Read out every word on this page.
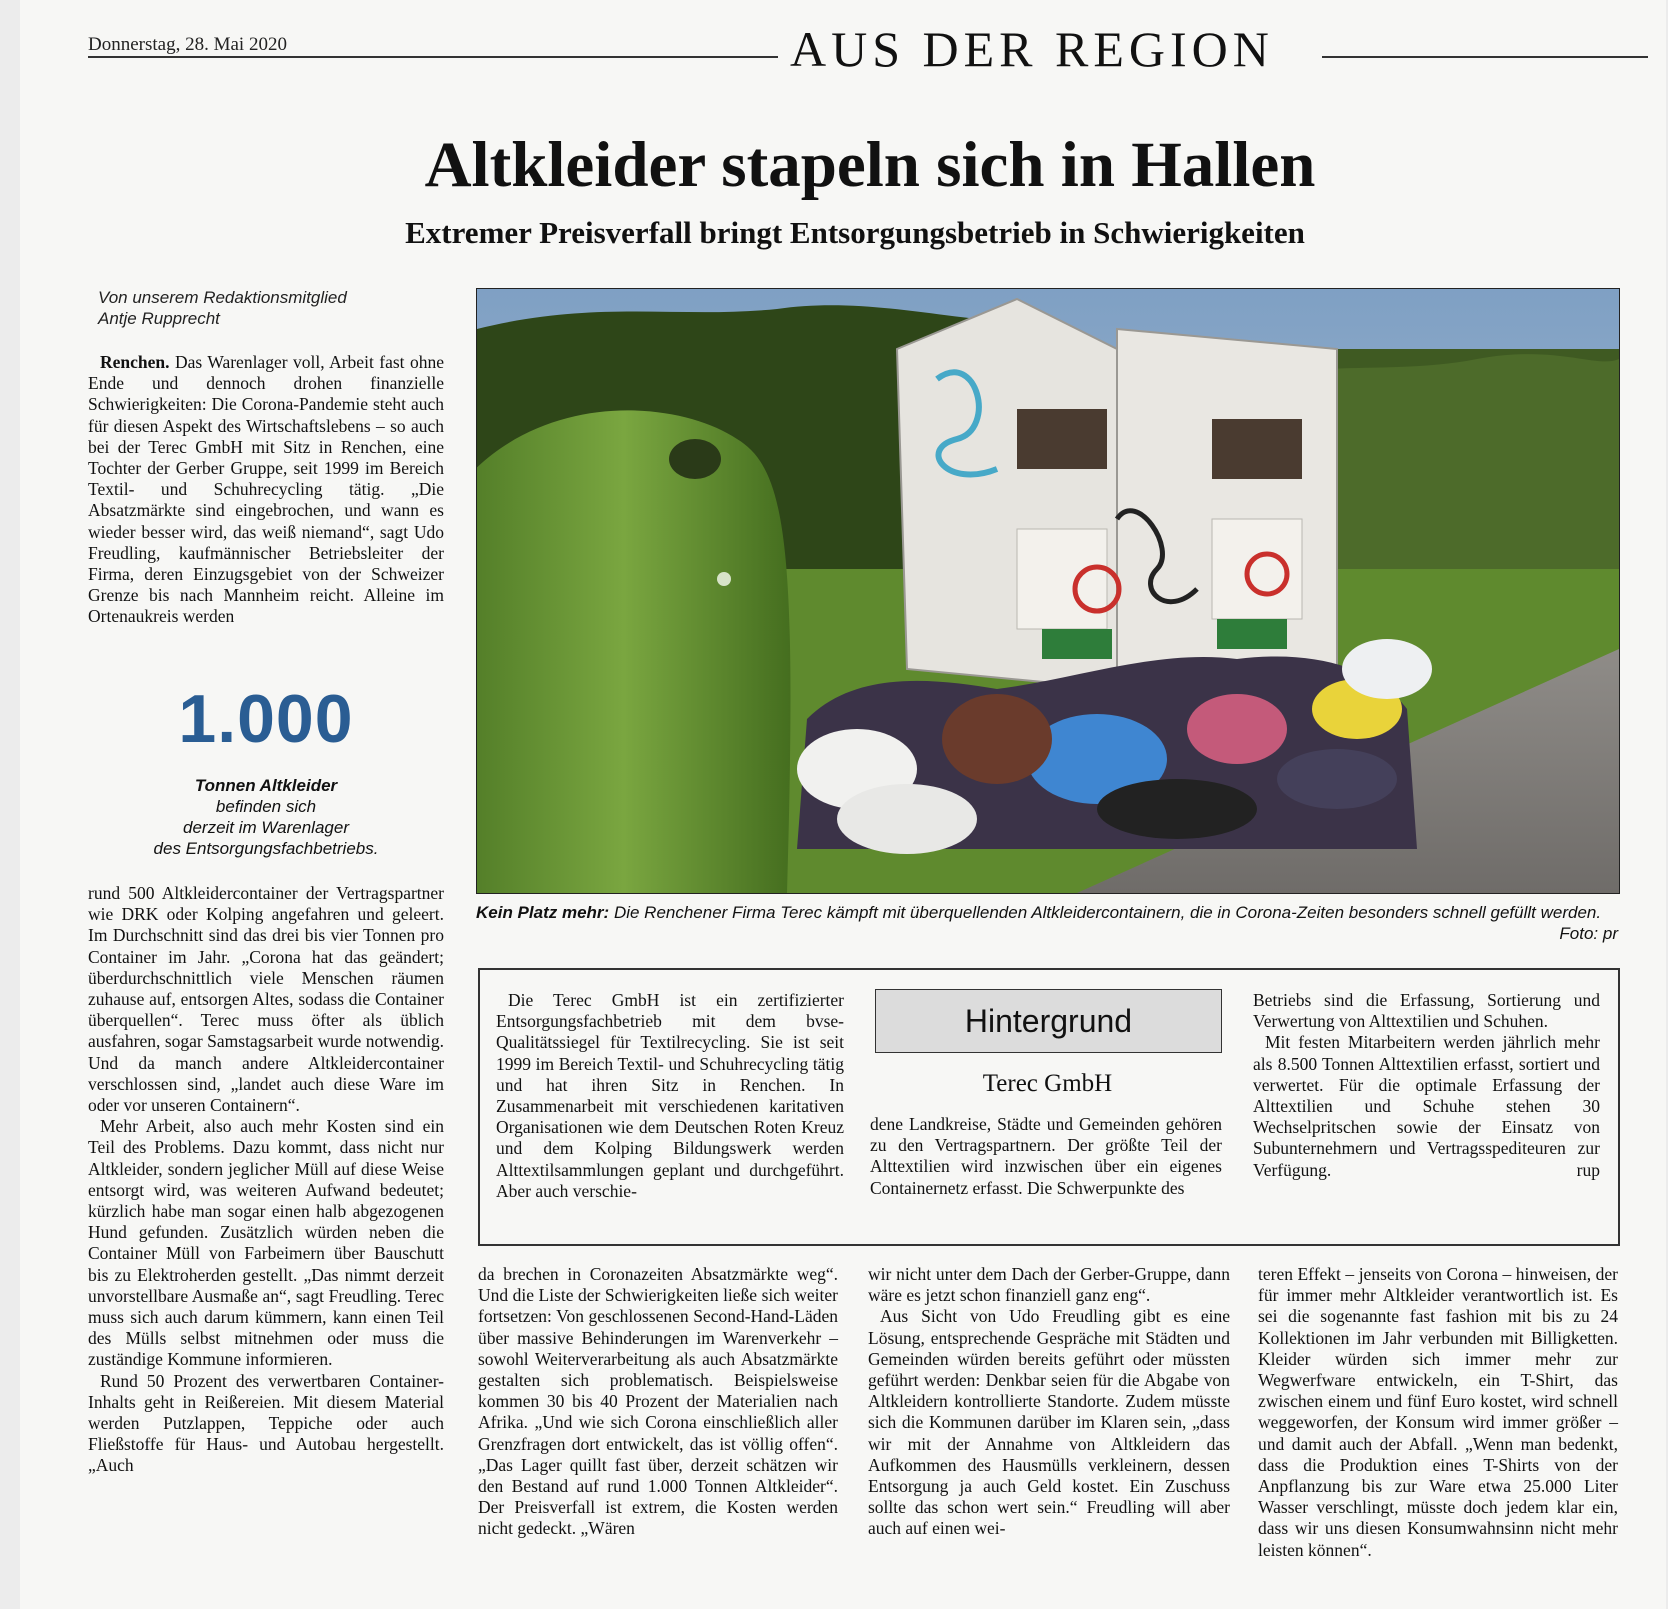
Donnerstag, 28. Mai 2020	AUS DER REGION
Altkleider stapeln sich in Hallen
Extremer Preisverfall bringt Entsorgungsbetrieb in Schwierigkeiten
Von unserem Redaktionsmitglied
Antje Rupprecht

Renchen. Das Warenlager voll, Arbeit fast ohne Ende und dennoch drohen finanzielle Schwierigkeiten: Die Corona-Pandemie steht auch für diesen Aspekt des Wirtschaftslebens – so auch bei der Terec GmbH mit Sitz in Renchen, eine Tochter der Gerber Gruppe, seit 1999 im Bereich Textil- und Schuhrecycling tätig. „Die Absatzmärkte sind eingebrochen, und wann es wieder besser wird, das weiß niemand“, sagt Udo Freudling, kaufmännischer Betriebsleiter der Firma, deren Einzugsgebiet von der Schweizer Grenze bis nach Mannheim reicht. Alleine im Ortenaukreis werden

1.000
Tonnen Altkleider
befinden sich
derzeit im Warenlager
des Entsorgungsfachbetriebs.

rund 500 Altkleidercontainer der Vertragspartner wie DRK oder Kolping angefahren und geleert. Im Durchschnitt sind das drei bis vier Tonnen pro Container im Jahr. „Corona hat das geändert; überdurchschnittlich viele Menschen räumen zuhause auf, entsorgen Altes, sodass die Container überquellen“. Terec muss öfter als üblich ausfahren, sogar Samstagsarbeit wurde notwendig. Und da manch andere Altkleidercontainer verschlossen sind, „landet auch diese Ware im oder vor unseren Containern“.

Mehr Arbeit, also auch mehr Kosten sind ein Teil des Problems. Dazu kommt, dass nicht nur Altkleider, sondern jeglicher Müll auf diese Weise entsorgt wird, was weiteren Aufwand bedeutet; kürzlich habe man sogar einen halb abgezogenen Hund gefunden. Zusätzlich würden neben die Container Müll von Farbeimern über Bauschutt bis zu Elektroherden gestellt. „Das nimmt derzeit unvorstellbare Ausmaße an“, sagt Freudling. Terec muss sich auch darum kümmern, kann einen Teil des Mülls selbst mitnehmen oder muss die zuständige Kommune informieren.

Rund 50 Prozent des verwertbaren Container-Inhalts geht in Reißereien. Mit diesem Material werden Putzlappen, Teppiche oder auch Fließstoffe für Haus- und Autobau hergestellt. „Auch

Kein Platz mehr: Die Renchener Firma Terec kämpft mit überquellenden Altkleidercontainern, die in Corona-Zeiten besonders schnell gefüllt werden.
Foto: pr

Die Terec GmbH ist ein zertifizierter Entsorgungsfachbetrieb mit dem bvse-Qualitätssiegel für Textilrecycling. Sie ist seit 1999 im Bereich Textil- und Schuhrecycling tätig und hat ihren Sitz in Renchen. In Zusammenarbeit mit verschiedenen karitativen Organisationen wie dem Deutschen Roten Kreuz und dem Kolping Bildungswerk werden Alttextilsammlungen geplant und durchgeführt. Aber auch verschie-

Hintergrund
Terec GmbH

dene Landkreise, Städte und Gemeinden gehören zu den Vertragspartnern. Der größte Teil der Alttextilien wird inzwischen über ein eigenes Containernetz erfasst. Die Schwerpunkte des

Betriebs sind die Erfassung, Sortierung und Verwertung von Alttextilien und Schuhen.

Mit festen Mitarbeitern werden jährlich mehr als 8.500 Tonnen Alttextilien erfasst, sortiert und verwertet. Für die optimale Erfassung der Alttextilien und Schuhe stehen 30 Wechselpritschen sowie der Einsatz von Subunternehmern und Vertragsspediteuren zur Verfügung.	rup

da brechen in Coronazeiten Absatzmärkte weg“. Und die Liste der Schwierigkeiten ließe sich weiter fortsetzen: Von geschlossenen Second-Hand-Läden über massive Behinderungen im Warenverkehr – sowohl Weiterverarbeitung als auch Absatzmärkte gestalten sich problematisch. Beispielsweise kommen 30 bis 40 Prozent der Materialien nach Afrika. „Und wie sich Corona einschließlich aller Grenzfragen dort entwickelt, das ist völlig offen“. „Das Lager quillt fast über, derzeit schätzen wir den Bestand auf rund 1.000 Tonnen Altkleider“. Der Preisverfall ist extrem, die Kosten werden nicht gedeckt. „Wären

wir nicht unter dem Dach der Gerber-Gruppe, dann wäre es jetzt schon finanziell ganz eng“.

Aus Sicht von Udo Freudling gibt es eine Lösung, entsprechende Gespräche mit Städten und Gemeinden würden bereits geführt oder müssten geführt werden: Denkbar seien für die Abgabe von Altkleidern kontrollierte Standorte. Zudem müsste sich die Kommunen darüber im Klaren sein, „dass wir mit der Annahme von Altkleidern das Aufkommen des Hausmülls verkleinern, dessen Entsorgung ja auch Geld kostet. Ein Zuschuss sollte das schon wert sein.“ Freudling will aber auch auf einen wei-

teren Effekt – jenseits von Corona – hinweisen, der für immer mehr Altkleider verantwortlich ist. Es sei die sogenannte fast fashion mit bis zu 24 Kollektionen im Jahr verbunden mit Billigketten. Kleider würden sich immer mehr zur Wegwerfware entwickeln, ein T-Shirt, das zwischen einem und fünf Euro kostet, wird schnell weggeworfen, der Konsum wird immer größer – und damit auch der Abfall. „Wenn man bedenkt, dass die Produktion eines T-Shirts von der Anpflanzung bis zur Ware etwa 25.000 Liter Wasser verschlingt, müsste doch jedem klar ein, dass wir uns diesen Konsumwahnsinn nicht mehr leisten können“.
